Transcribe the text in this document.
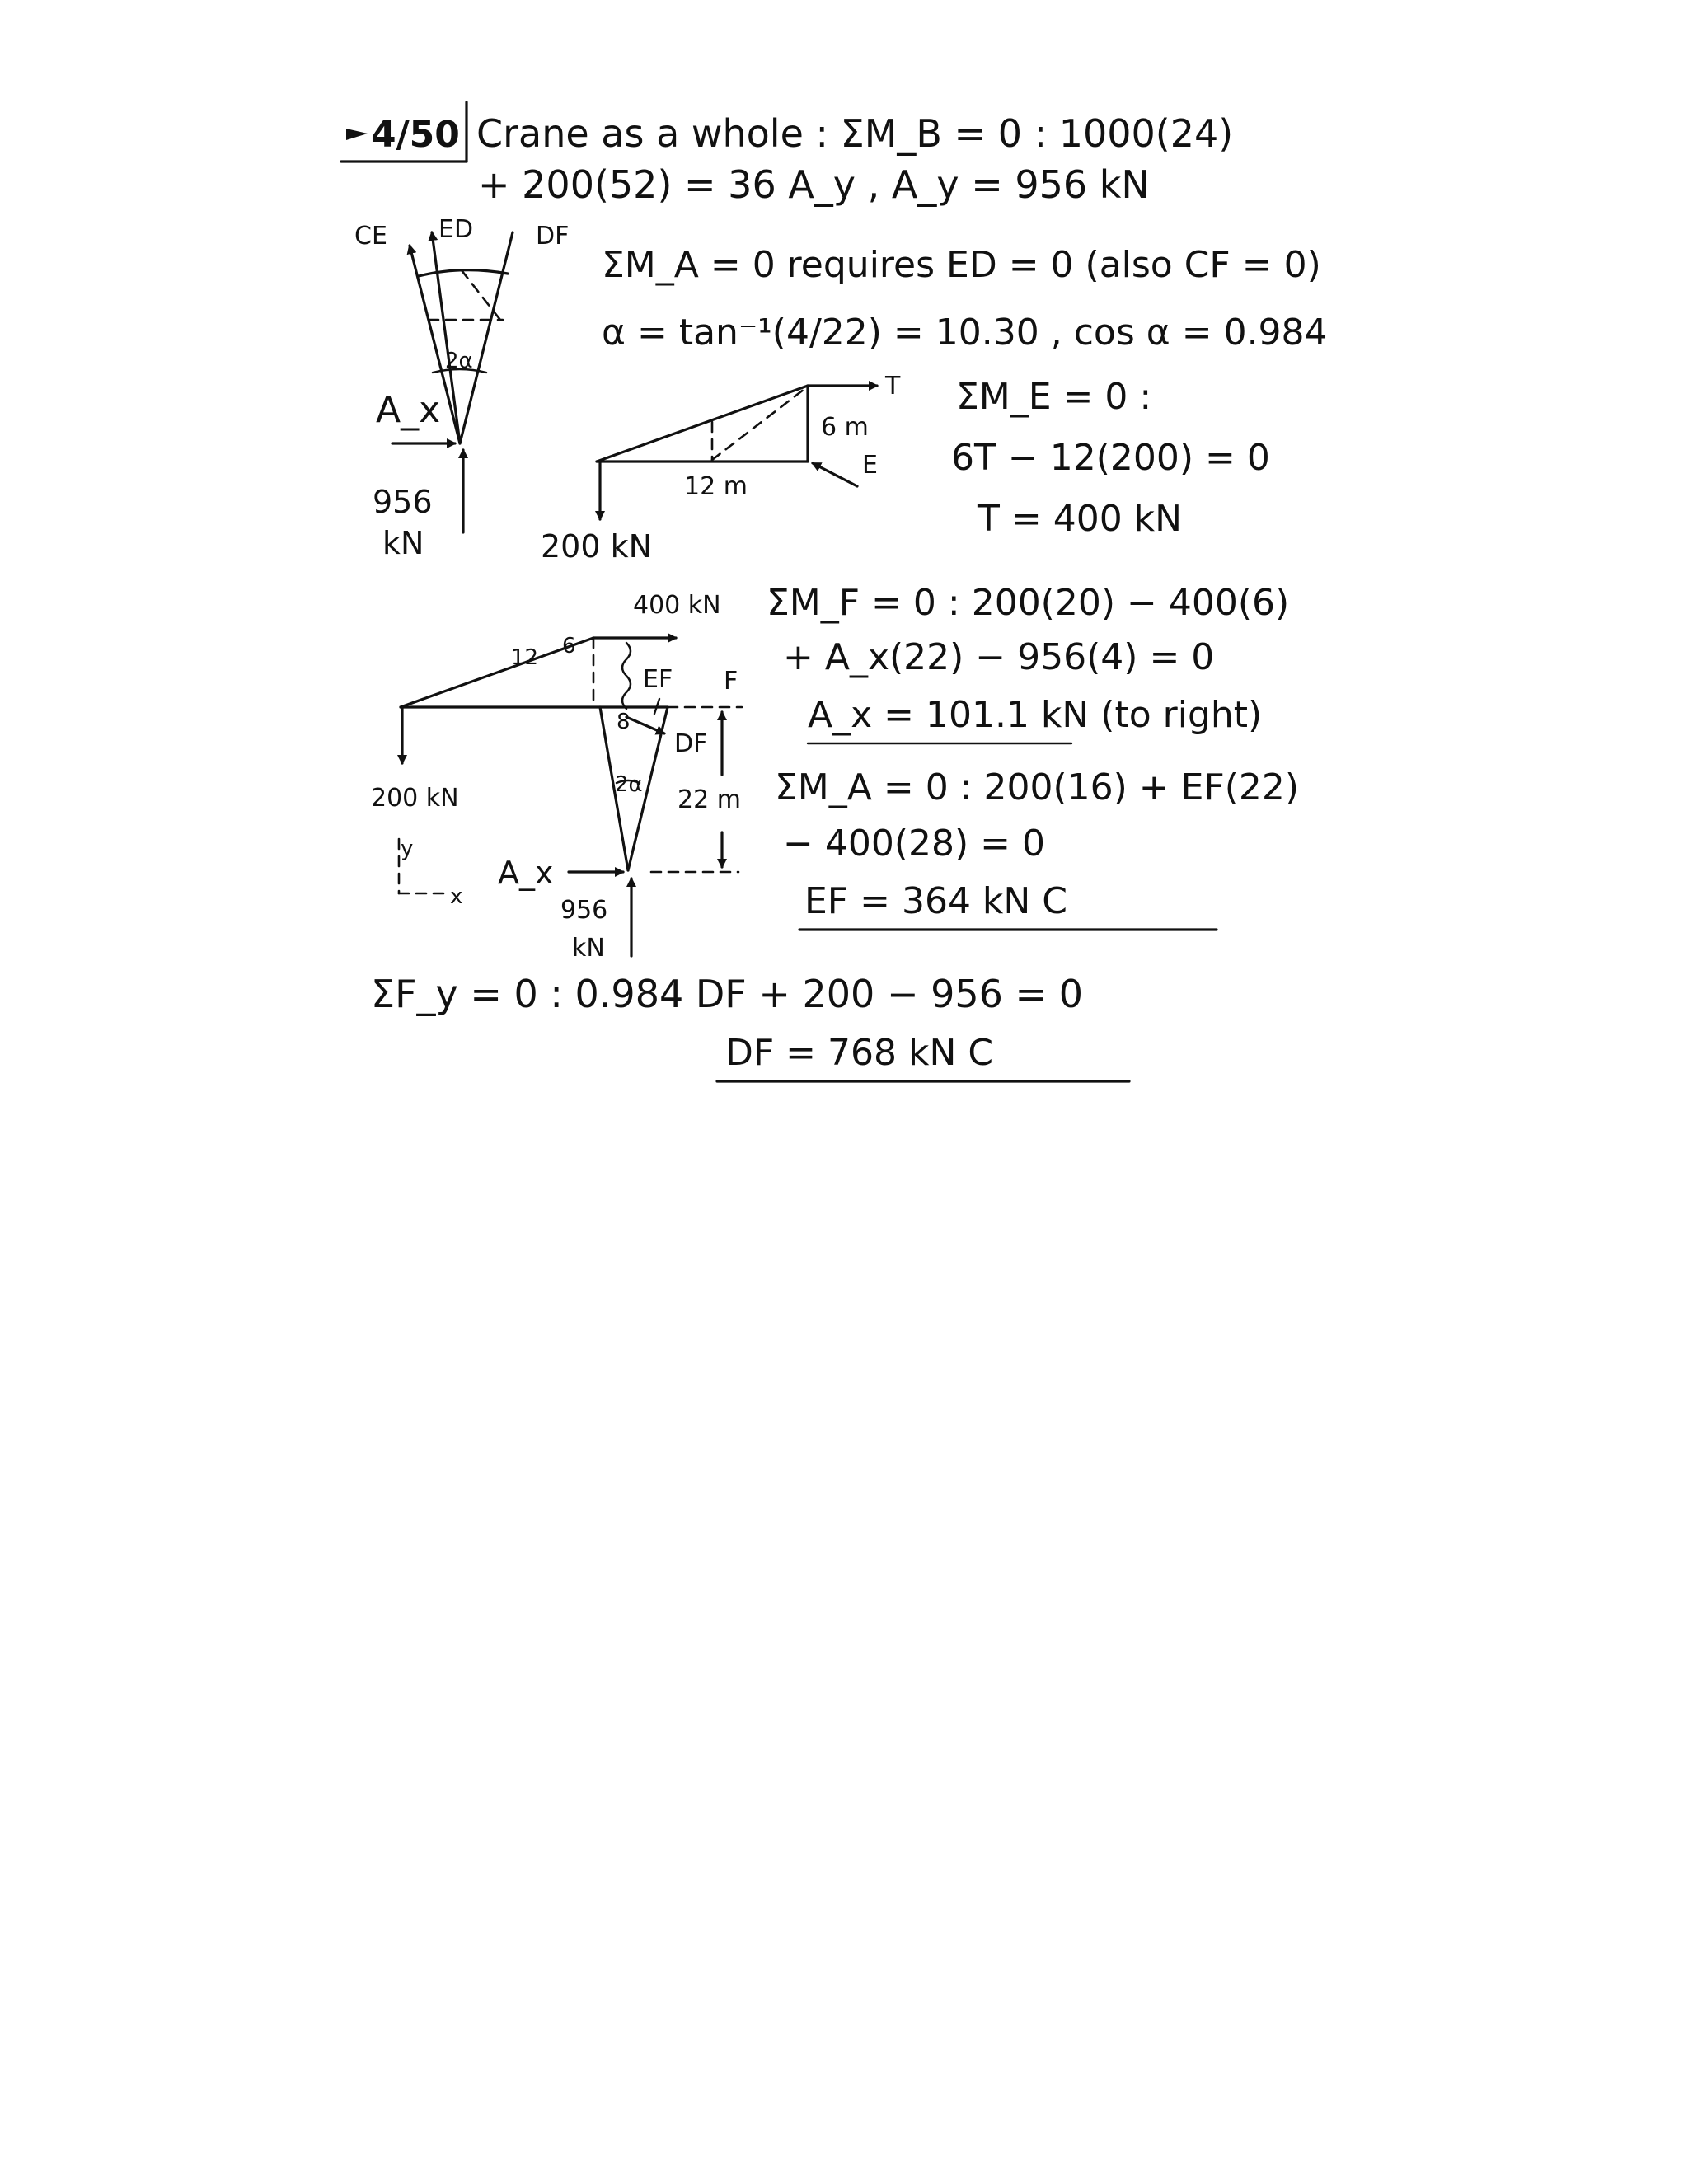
4/50 Crane as a whole : ΣM_B = 0 : 1000(24)
+ 200(52) = 36 A_y , A_y = 956 kN
CE ED	DF
2α
A_x
956
kN
ΣM_A = 0 requires ED = 0 (also CF = 0)
α = tan⁻¹(4/22) = 10.30 , cos α = 0.984
T
E
6 m
12 m
200 kN
ΣM_E = 0 :
6T − 12(200) = 0
T = 400 kN
400 kN
12 6
EF F
8
DF
2α
22 m
200 kN
y
x
A_x
956
kN
ΣM_F = 0 : 200(20) − 400(6)
+ A_x(22) − 956(4) = 0
A_x = 101.1 kN (to right)
ΣM_A = 0 : 200(16) + EF(22)
− 400(28) = 0
EF = 364 kN C
ΣF_y = 0 : 0.984 DF + 200 − 956 = 0
DF = 768 kN C
